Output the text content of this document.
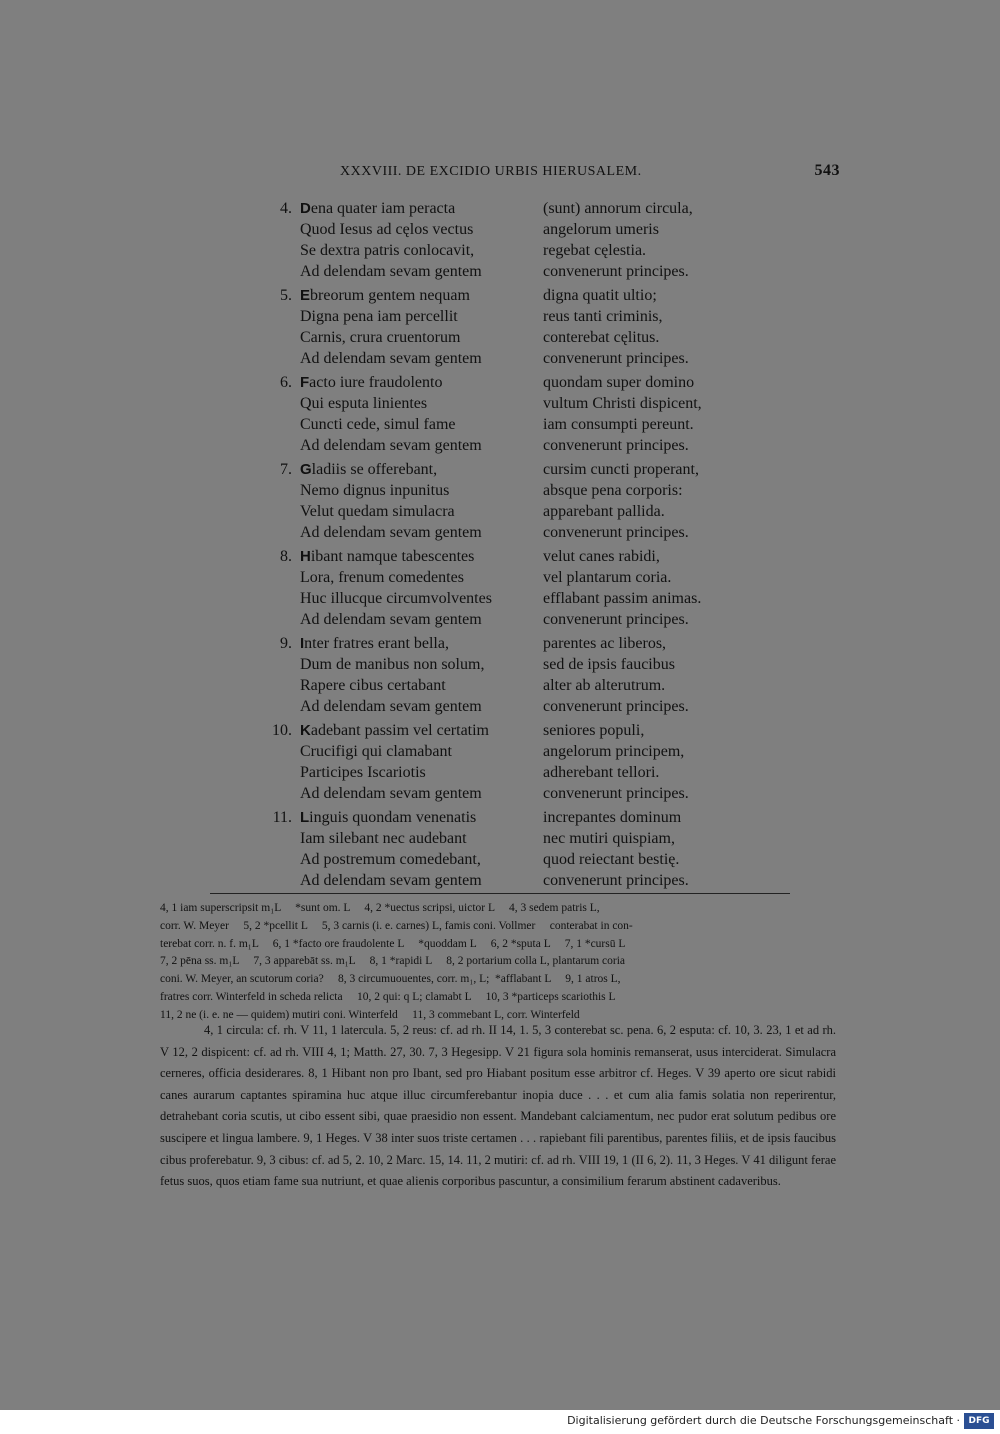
XXXVIII. DE EXCIDIO URBIS HIERUSALEM.	543
4. Dena quater iam peracta	(sunt) annorum circula,
Quod Iesus ad cęlos vectus	angelorum umeris
Se dextra patris conlocavit,	regebat cęlestia.
Ad delendam sevam gentem	convenerunt principes.
5. Ebreorum gentem nequam	digna quatit ultio;
Digna pena iam percellit	reus tanti criminis,
Carnis, crura cruentorum	conterebat cęlitus.
Ad delendam sevam gentem	convenerunt principes.
6. Facto iure fraudolento	quondam super domino
Qui esputa linientes	vultum Christi dispicent,
Cuncti cede, simul fame	iam consumpti pereunt.
Ad delendam sevam gentem	convenerunt principes.
7. Gladiis se offerebant,	cursim cuncti properant,
Nemo dignus inpunitus	absque pena corporis:
Velut quedam simulacra	apparebant pallida.
Ad delendam sevam gentem	convenerunt principes.
8. Hibant namque tabescentes	velut canes rabidi,
Lora, frenum comedentes	vel plantarum coria.
Huc illucque circumvolventes	efflabant passim animas.
Ad delendam sevam gentem	convenerunt principes.
9. Inter fratres erant bella,	parentes ac liberos,
Dum de manibus non solum,	sed de ipsis faucibus
Rapere cibus certabant	alter ab alterutrum.
Ad delendam sevam gentem	convenerunt principes.
10. Kadebant passim vel certatim	seniores populi,
Crucifigi qui clamabant	angelorum principem,
Participes Iscariotis	adherebant tellori.
Ad delendam sevam gentem	convenerunt principes.
11. Linguis quondam venenatis	increpantes dominum
Iam silebant nec audebant	nec mutiri quispiam,
Ad postremum comedebant,	quod reiectant bestię.
Ad delendam sevam gentem	convenerunt principes.
4, 1 iam superscripsit m₁L     *sunt om. L     4, 2 *uectus scripsi, uictor L     4, 3 sedem patris L,
corr. W. Meyer     5, 2 *pcellit L     5, 3 carnis (i. e. carnes) L, famis coni. Vollmer     conterabat in con-
terebat corr. n. f. m₁L     6, 1 *facto ore fraudolente L     *quoddam L     6, 2 *sputa L     7, 1 *cursū L
7, 2 pēna ss. m₁L     7, 3 apparebāt ss. m₁L     8, 1 *rapidi L     8, 2 portarium colla L, plantarum coria
coni. W. Meyer, an scutorum coria?     8, 3 circumuouentes, corr. m₁, L;  *afflabant L     9, 1 atros L,
fratres corr. Winterfeld in scheda relicta     10, 2 qui: q L; clamabt L     10, 3 *particeps scariothis L
11, 2 ne (i. e. ne — quidem) mutiri coni. Winterfeld     11, 3 commebant L, corr. Winterfeld

4, 1 circula: cf. rh. V 11, 1 latercula. 5, 2 reus: cf. ad rh. II 14, 1. 5, 3 conterebat sc. pena. 6, 2 esputa: cf. 10, 3. 23, 1 et ad rh. V 12, 2 dispicent: cf. ad rh. VIII 4, 1; Matth. 27, 30. 7, 3 Hegesipp. V 21 figura sola hominis remanserat, usus interciderat. Simulacra cerneres, officia desiderares. 8, 1 Hibant non pro Ibant, sed pro Hiabant positum esse arbitror cf. Heges. V 39 aperto ore sicut rabidi canes aurarum captantes spiramina huc atque illuc circumferebantur inopia duce . . . et cum alia famis solatia non reperirentur, detrahebant coria scutis, ut cibo essent sibi, quae praesidio non essent. Mandebant calciamentum, nec pudor erat solutum pedibus ore suscipere et lingua lambere. 9, 1 Heges. V 38 inter suos triste certamen . . . rapiebant fili parentibus, parentes filiis, et de ipsis faucibus cibus proferebatur. 9, 3 cibus: cf. ad 5, 2. 10, 2 Marc. 15, 14. 11, 2 mutiri: cf. ad rh. VIII 19, 1 (II 6, 2). 11, 3 Heges. V 41 diligunt ferae fetus suos, quos etiam fame sua nutriunt, et quae alienis corporibus pascuntur, a consimilium ferarum abstinent cadaveribus.

Digitalisierung gefördert durch die Deutsche Forschungsgemeinschaft · DFG
